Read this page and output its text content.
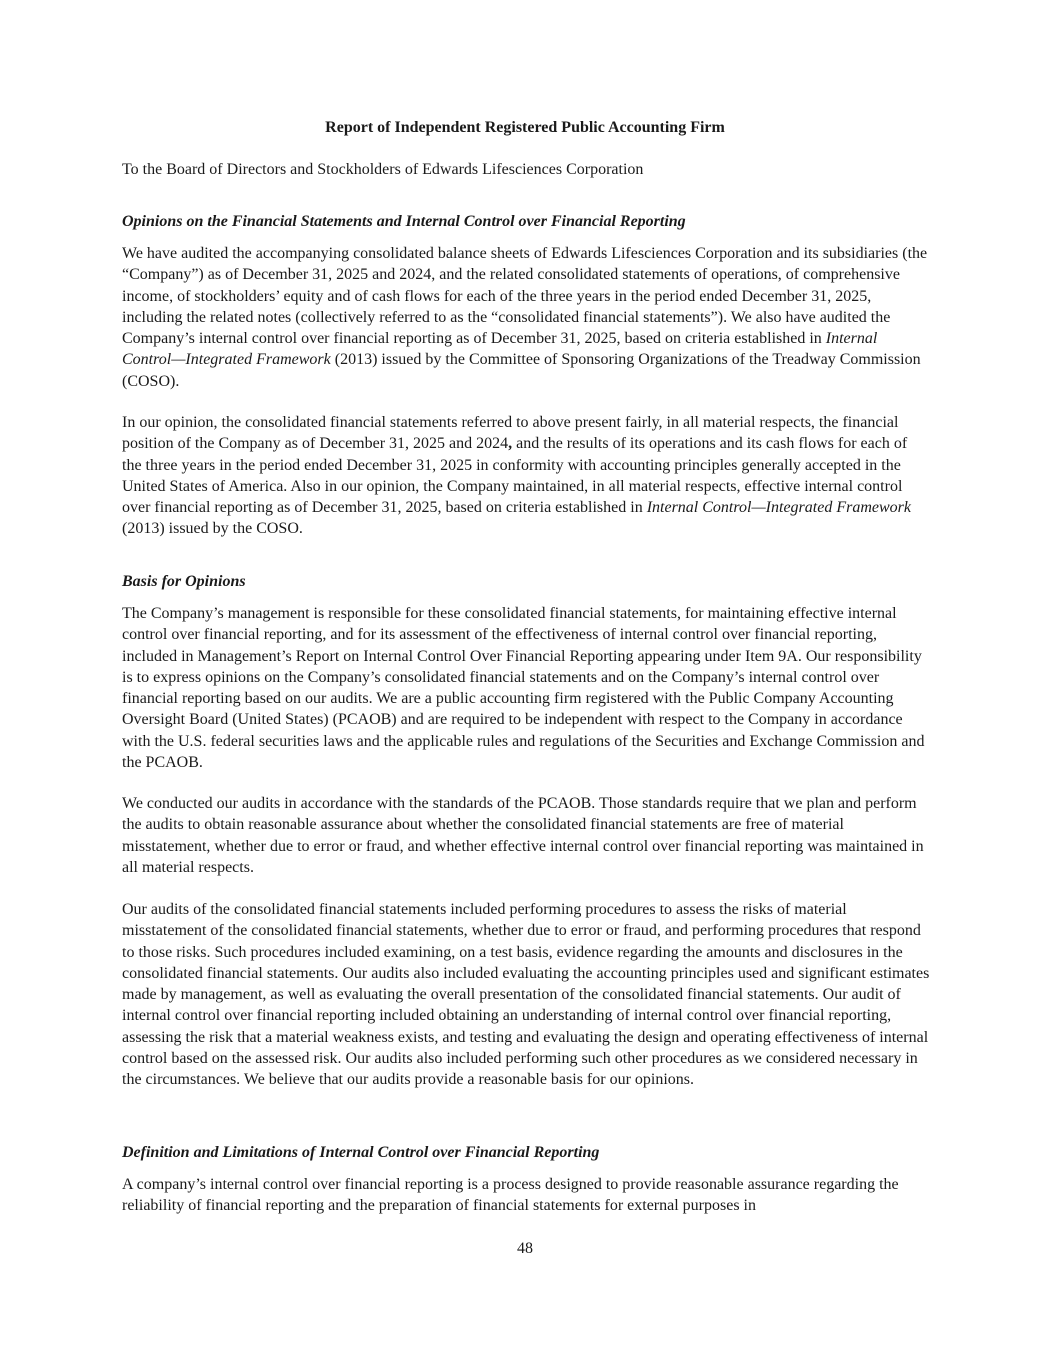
Report of Independent Registered Public Accounting Firm

To the Board of Directors and Stockholders of Edwards Lifesciences Corporation

Opinions on the Financial Statements and Internal Control over Financial Reporting

We have audited the accompanying consolidated balance sheets of Edwards Lifesciences Corporation and its subsidiaries (the “Company”) as of December 31, 2025 and 2024, and the related consolidated statements of operations, of comprehensive income, of stockholders’ equity and of cash flows for each of the three years in the period ended December 31, 2025, including the related notes (collectively referred to as the “consolidated financial statements”). We also have audited the Company’s internal control over financial reporting as of December 31, 2025, based on criteria established in Internal Control—Integrated Framework (2013) issued by the Committee of Sponsoring Organizations of the Treadway Commission (COSO).

In our opinion, the consolidated financial statements referred to above present fairly, in all material respects, the financial position of the Company as of December 31, 2025 and 2024, and the results of its operations and its cash flows for each of the three years in the period ended December 31, 2025 in conformity with accounting principles generally accepted in the United States of America. Also in our opinion, the Company maintained, in all material respects, effective internal control over financial reporting as of December 31, 2025, based on criteria established in Internal Control—Integrated Framework (2013) issued by the COSO.

Basis for Opinions

The Company’s management is responsible for these consolidated financial statements, for maintaining effective internal control over financial reporting, and for its assessment of the effectiveness of internal control over financial reporting, included in Management’s Report on Internal Control Over Financial Reporting appearing under Item 9A. Our responsibility is to express opinions on the Company’s consolidated financial statements and on the Company’s internal control over financial reporting based on our audits. We are a public accounting firm registered with the Public Company Accounting Oversight Board (United States) (PCAOB) and are required to be independent with respect to the Company in accordance with the U.S. federal securities laws and the applicable rules and regulations of the Securities and Exchange Commission and the PCAOB.

We conducted our audits in accordance with the standards of the PCAOB. Those standards require that we plan and perform the audits to obtain reasonable assurance about whether the consolidated financial statements are free of material misstatement, whether due to error or fraud, and whether effective internal control over financial reporting was maintained in all material respects.

Our audits of the consolidated financial statements included performing procedures to assess the risks of material misstatement of the consolidated financial statements, whether due to error or fraud, and performing procedures that respond to those risks. Such procedures included examining, on a test basis, evidence regarding the amounts and disclosures in the consolidated financial statements. Our audits also included evaluating the accounting principles used and significant estimates made by management, as well as evaluating the overall presentation of the consolidated financial statements. Our audit of internal control over financial reporting included obtaining an understanding of internal control over financial reporting, assessing the risk that a material weakness exists, and testing and evaluating the design and operating effectiveness of internal control based on the assessed risk. Our audits also included performing such other procedures as we considered necessary in the circumstances. We believe that our audits provide a reasonable basis for our opinions.

Definition and Limitations of Internal Control over Financial Reporting

A company’s internal control over financial reporting is a process designed to provide reasonable assurance regarding the reliability of financial reporting and the preparation of financial statements for external purposes in

48
